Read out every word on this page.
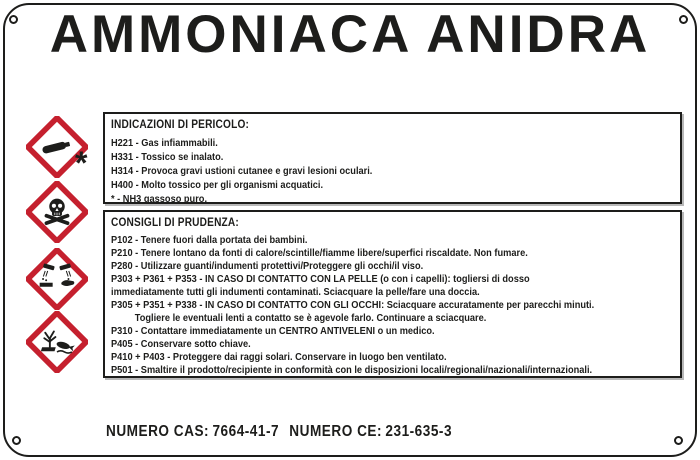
AMMONIACA ANIDRA
*
INDICAZIONI DI PERICOLO:
H221 - Gas infiammabili.
H331 - Tossico se inalato.
H314 - Provoca gravi ustioni cutanee e gravi lesioni oculari.
H400 - Molto tossico per gli organismi acquatici.
* - NH3 gassoso puro.
CONSIGLI DI PRUDENZA:
P102 - Tenere fuori dalla portata dei bambini.
P210 - Tenere lontano da fonti di calore/scintille/fiamme libere/superfici riscaldate. Non fumare.
P280 - Utilizzare guanti/indumenti protettivi/Proteggere gli occhi/il viso.
P303 + P361 + P353 - IN CASO DI CONTATTO CON LA PELLE (o con i capelli): togliersi di dosso
immediatamente tutti gli indumenti contaminati. Sciacquare la pelle/fare una doccia.
P305 + P351 + P338 - IN CASO DI CONTATTO CON GLI OCCHI: Sciacquare accuratamente per parecchi minuti.
Togliere le eventuali lenti a contatto se è agevole farlo. Continuare a sciacquare.
P310 - Contattare immediatamente un CENTRO ANTIVELENI o un medico.
P405 - Conservare sotto chiave.
P410 + P403 - Proteggere dai raggi solari. Conservare in luogo ben ventilato.
P501 - Smaltire il prodotto/recipiente in conformità con le disposizioni locali/regionali/nazionali/internazionali.
NUMERO CAS: 7664-41-7 NUMERO CE: 231-635-3
